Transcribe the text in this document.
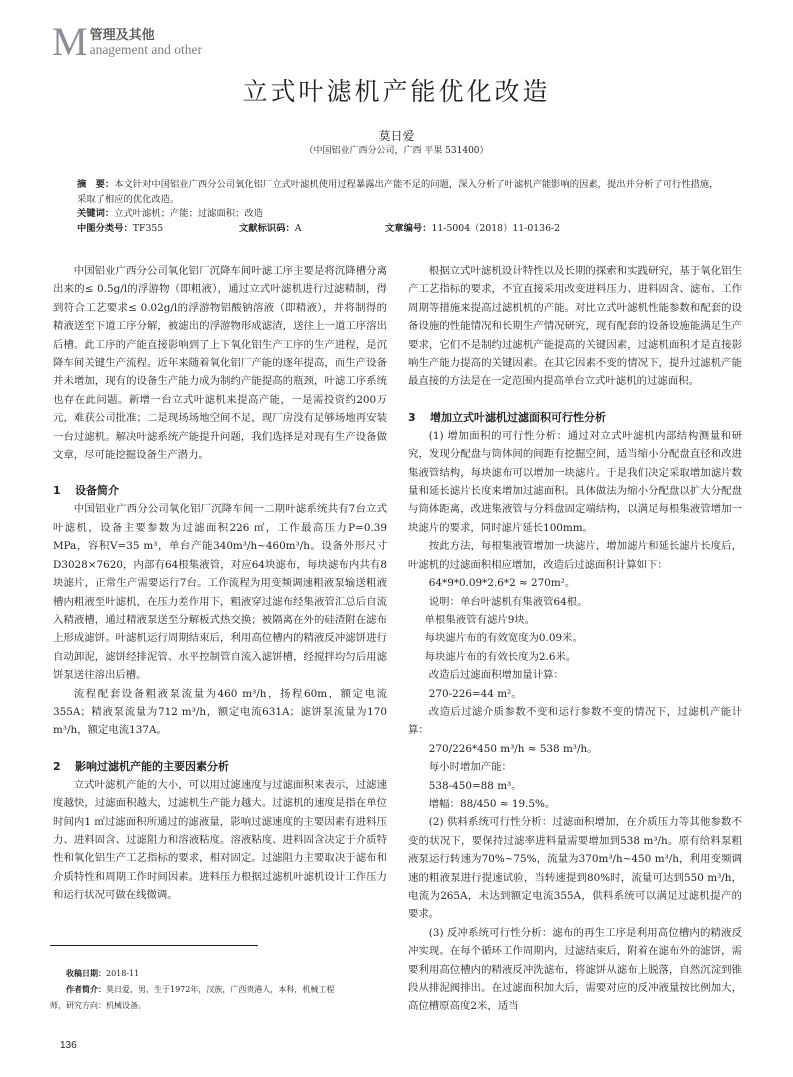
M 管理及其他
anagement and other
立式叶滤机产能优化改造
莫日爱
（中国铝业广西分公司，广西 平果 531400）
摘　要：本文针对中国铝业广西分公司氧化铝厂立式叶滤机使用过程暴露出产能不足的问题，深入分析了叶滤机产能影响的因素，提出并分析了可行性措施，采取了相应的优化改造。
关键词：立式叶滤机；产能；过滤面积；改造
中图分类号：TF355	文献标识码：A	文章编号：11-5004（2018）11-0136-2

中国铝业广西分公司氧化铝厂沉降车间叶滤工序主要是将沉降槽分离出来的≤ 0.5g/l的浮游物（即粗液），通过立式叶滤机进行过滤精制，得到符合工艺要求≤ 0.02g/l的浮游物铝酸钠溶液（即精液），并将制得的精液送至下道工序分解，被滤出的浮游物形成滤渣，送往上一道工序溶出后槽。此工序的产能直接影响到了上下氧化铝生产工序的生产进程，是沉降车间关键生产流程。近年来随着氧化铝厂产能的逐年提高，而生产设备并未增加，现有的设备生产能力成为制约产能提高的瓶颈，叶滤工序系统也存在此问题。新增一台立式叶滤机来提高产能，一是需投资约200万元，难获公司批准；二是现场场地空间不足，现厂房没有足够场地再安装一台过滤机。解决叶滤系统产能提升问题，我们选择是对现有生产设备做文章，尽可能挖掘设备生产潜力。

1 设备简介

中国铝业广西分公司氧化铝厂沉降车间一二期叶滤系统共有7台立式叶滤机，设备主要参数为过滤面积226 ㎡，工作最高压力P=0.39 MPa，容积V=35 m³，单台产能340m³/h~460m³/h。设备外形尺寸D3028×7620，内部有64根集液管，对应64块滤布，每块滤布内共有8块滤片，正常生产需要运行7台。工作流程为用变频调速粗液泵输送粗液槽内粗液至叶滤机，在压力差作用下，粗液穿过滤布经集液管汇总后自流入精液槽，通过精液泵送至分解板式热交换；被隔离在外的硅渣附在滤布上形成滤饼。叶滤机运行周期结束后，利用高位槽内的精液反冲滤饼进行自动卸泥，滤饼经排泥管、水平控制管自流入滤饼槽，经搅拌均匀后用滤饼泵送往溶出后槽。

流程配套设备粗液泵流量为460 m³/h，扬程60m，额定电流355A；精液泵流量为712 m³/h，额定电流631A；滤饼泵流量为170 m³/h，额定电流137A。

2 影响过滤机产能的主要因素分析

立式叶滤机产能的大小，可以用过滤速度与过滤面积来表示，过滤速度越快，过滤面积越大，过滤机生产能力越大。过滤机的速度是指在单位时间内1 ㎡过滤面积所通过的滤液量，影响过滤速度的主要因素有进料压力、进料固含、过滤阻力和溶液粘度。溶液粘度、进料固含决定于介质特性和氧化铝生产工艺指标的要求，相对固定。过滤阻力主要取决于滤布和介质特性和周期工作时间因素。进料压力根据过滤机叶滤机设计工作压力和运行状况可做在线微调。

收稿日期：2018-11
作者简介：莫日爱，男，生于1972年，汉族，广西贵港人，本科，机械工程师，研究方向：机械设备。

根据立式叶滤机设计特性以及长期的探索和实践研究，基于氧化铝生产工艺指标的要求，不宜直接采用改变进料压力、进料固含、滤布、工作周期等措施来提高过滤机机的产能。对比立式叶滤机性能参数和配套的设备设施的性能情况和长期生产情况研究，现有配套的设备设施能满足生产要求，它们不是制约过滤机产能提高的关键因素，过滤机面积才是直接影响生产能力提高的关键因素。在其它因素不变的情况下，提升过滤机产能最直接的方法是在一定范围内提高单台立式叶滤机的过滤面积。

3 增加立式叶滤机过滤面积可行性分析

(1) 增加面积的可行性分析：通过对立式叶滤机内部结构测量和研究，发现分配盘与筒体间的间距有挖掘空间，适当缩小分配盘直径和改进集液管结构，每块滤布可以增加一块滤片。于是我们决定采取增加滤片数量和延长滤片长度来增加过滤面积。具体做法为缩小分配盘以扩大分配盘与筒体距离，改进集液管与分料盘固定端结构，以满足每根集液管增加一块滤片的要求，同时滤片延长100mm。

按此方法，每根集液管增加一块滤片，增加滤片和延长滤片长度后，叶滤机的过滤面积相应增加，改造后过滤面积计算如下：

64*9*0.09*2.6*2 ≈ 270m²。

说明：单台叶滤机有集液管64根。

单根集液管有滤片9块。

每块滤片布的有效宽度为0.09米。

每块滤片布的有效长度为2.6米。

改造后过滤面积增加量计算：

270-226=44 m²。

改造后过滤介质参数不变和运行参数不变的情况下，过滤机产能计算：

270/226*450 m³/h ≈ 538 m³/h。

每小时增加产能：

538-450=88 m³。

增幅：88/450 ≈ 19.5%。

(2) 供料系统可行性分析：过滤面积增加，在介质压力等其他参数不变的状况下，要保持过滤率进料量需要增加到538 m³/h。原有给料泵粗液泵运行转速为70%~75%，流量为370m³/h~450 m³/h，利用变频调速的粗液泵进行提速试验，当转速提到80%时，流量可达到550 m³/h，电流为265A，未达到额定电流355A，供料系统可以满足过滤机提产的要求。

(3) 反冲系统可行性分析：滤布的再生工序是利用高位槽内的精液反冲实现。在每个循环工作周期内，过滤结束后，附着在滤布外的滤饼，需要利用高位槽内的精液反冲洗滤布，将滤饼从滤布上脱落，自然沉淀到锥段从排泥阀排出。在过滤面积加大后，需要对应的反冲液量按比例加大，高位槽原高度2米，适当

136
